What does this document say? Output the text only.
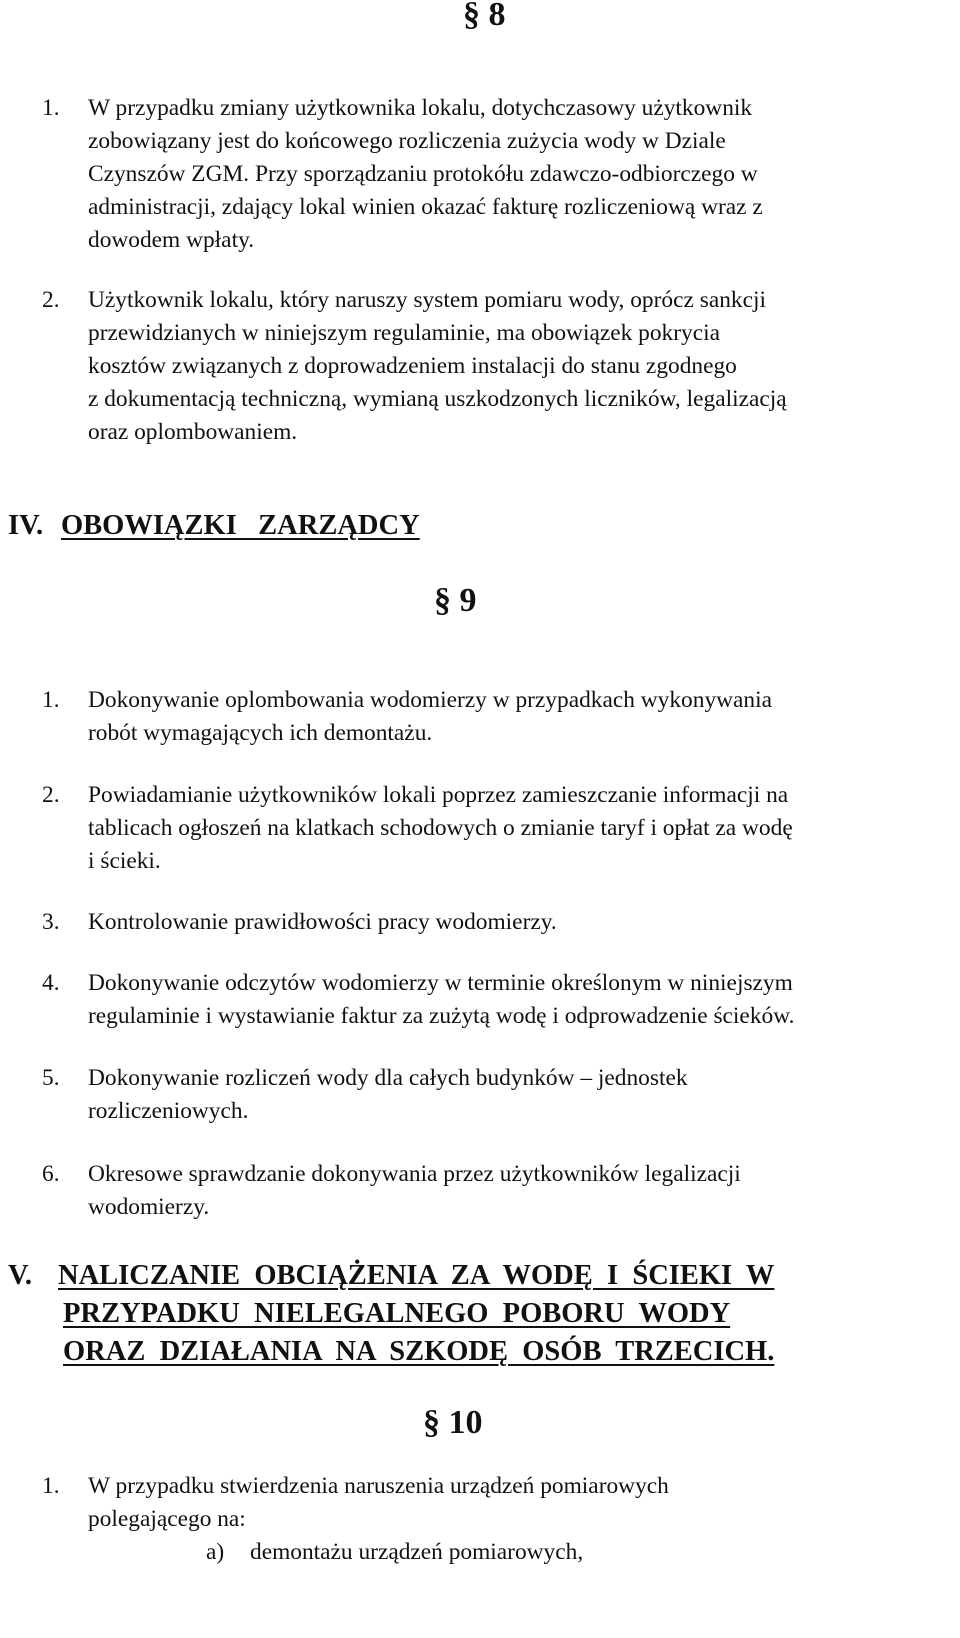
§ 8
1. W przypadku zmiany użytkownika lokalu, dotychczasowy użytkownik
zobowiązany jest do końcowego rozliczenia zużycia wody w Dziale
Czynszów ZGM. Przy sporządzaniu protokółu zdawczo-odbiorczego w
administracji, zdający lokal winien okazać fakturę rozliczeniową wraz z
dowodem wpłaty.
2. Użytkownik lokalu, który naruszy system pomiaru wody, oprócz sankcji
przewidzianych w niniejszym regulaminie, ma obowiązek pokrycia
kosztów związanych z doprowadzeniem instalacji do stanu zgodnego
z dokumentacją techniczną, wymianą uszkodzonych liczników, legalizacją
oraz oplombowaniem.
IV. OBOWIĄZKI   ZARZĄDCY
§ 9
1. Dokonywanie oplombowania wodomierzy w przypadkach wykonywania
robót wymagających ich demontażu.
2. Powiadamianie użytkowników lokali poprzez zamieszczanie informacji na
tablicach ogłoszeń na klatkach schodowych o zmianie taryf i opłat za wodę
i ścieki.
3. Kontrolowanie prawidłowości pracy wodomierzy.
4. Dokonywanie odczytów wodomierzy w terminie określonym w niniejszym
regulaminie i wystawianie faktur za zużytą wodę i odprowadzenie ścieków.
5. Dokonywanie rozliczeń wody dla całych budynków – jednostek
rozliczeniowych.
6. Okresowe sprawdzanie dokonywania przez użytkowników legalizacji
wodomierzy.
V. NALICZANIE  OBCIĄŻENIA  ZA  WODĘ  I  ŚCIEKI  W
PRZYPADKU  NIELEGALNEGO  POBORU  WODY
ORAZ  DZIAŁANIA  NA  SZKODĘ  OSÓB  TRZECICH.
§ 10
1. W przypadku stwierdzenia naruszenia urządzeń pomiarowych
polegającego na:
a) demontażu urządzeń pomiarowych,
